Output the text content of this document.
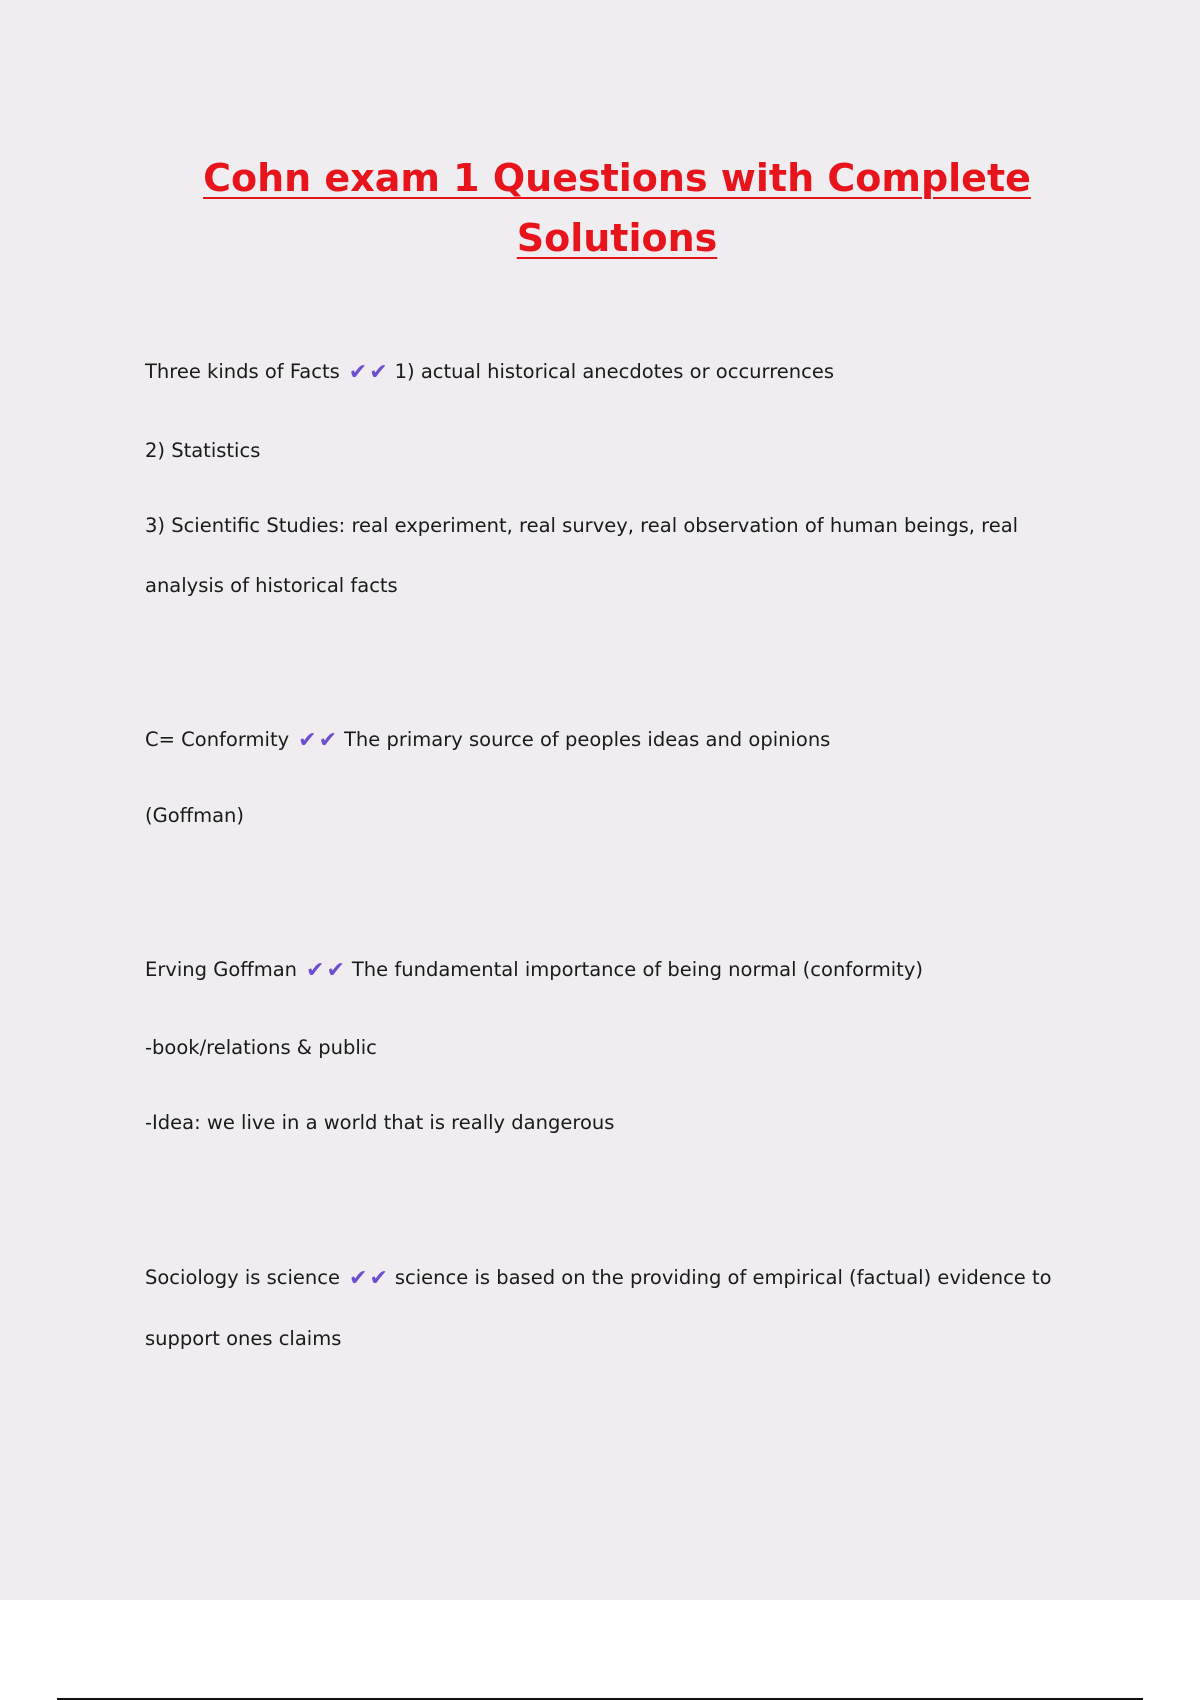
Cohn exam 1 Questions with Complete
Solutions

Three kinds of Facts ✔✔ 1) actual historical anecdotes or occurrences

2) Statistics

3) Scientific Studies: real experiment, real survey, real observation of human beings, real

analysis of historical facts

C= Conformity ✔✔ The primary source of peoples ideas and opinions

(Goffman)

Erving Goffman ✔✔ The fundamental importance of being normal (conformity)

-book/relations & public

-Idea: we live in a world that is really dangerous

Sociology is science ✔✔ science is based on the providing of empirical (factual) evidence to

support ones claims
